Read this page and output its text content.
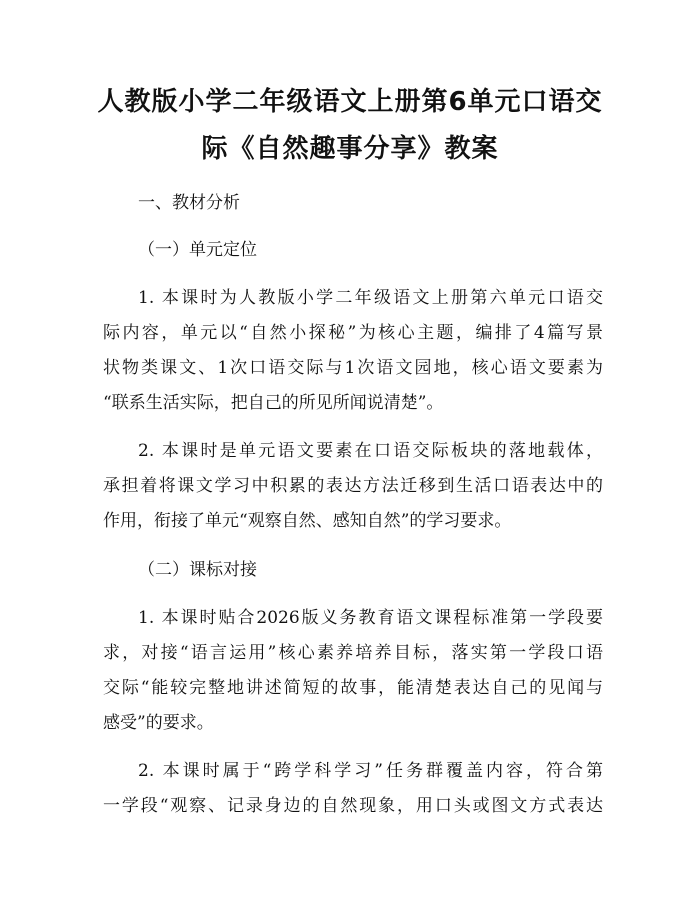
人教版小学二年级语文上册第6单元口语交
际《自然趣事分享》教案
一、教材分析
（一）单元定位
1. 本课时为人教版小学二年级语文上册第六单元口语交
际内容，单元以“自然小探秘”为核心主题，编排了4篇写景
状物类课文、1次口语交际与1次语文园地，核心语文要素为
“联系生活实际，把自己的所见所闻说清楚”。
2. 本课时是单元语文要素在口语交际板块的落地载体，
承担着将课文学习中积累的表达方法迁移到生活口语表达中的
作用，衔接了单元“观察自然、感知自然”的学习要求。
（二）课标对接
1. 本课时贴合2026版义务教育语文课程标准第一学段要
求，对接“语言运用”核心素养培养目标，落实第一学段口语
交际“能较完整地讲述简短的故事，能清楚表达自己的见闻与
感受”的要求。
2. 本课时属于“跨学科学习”任务群覆盖内容，符合第
一学段“观察、记录身边的自然现象，用口头或图文方式表达
